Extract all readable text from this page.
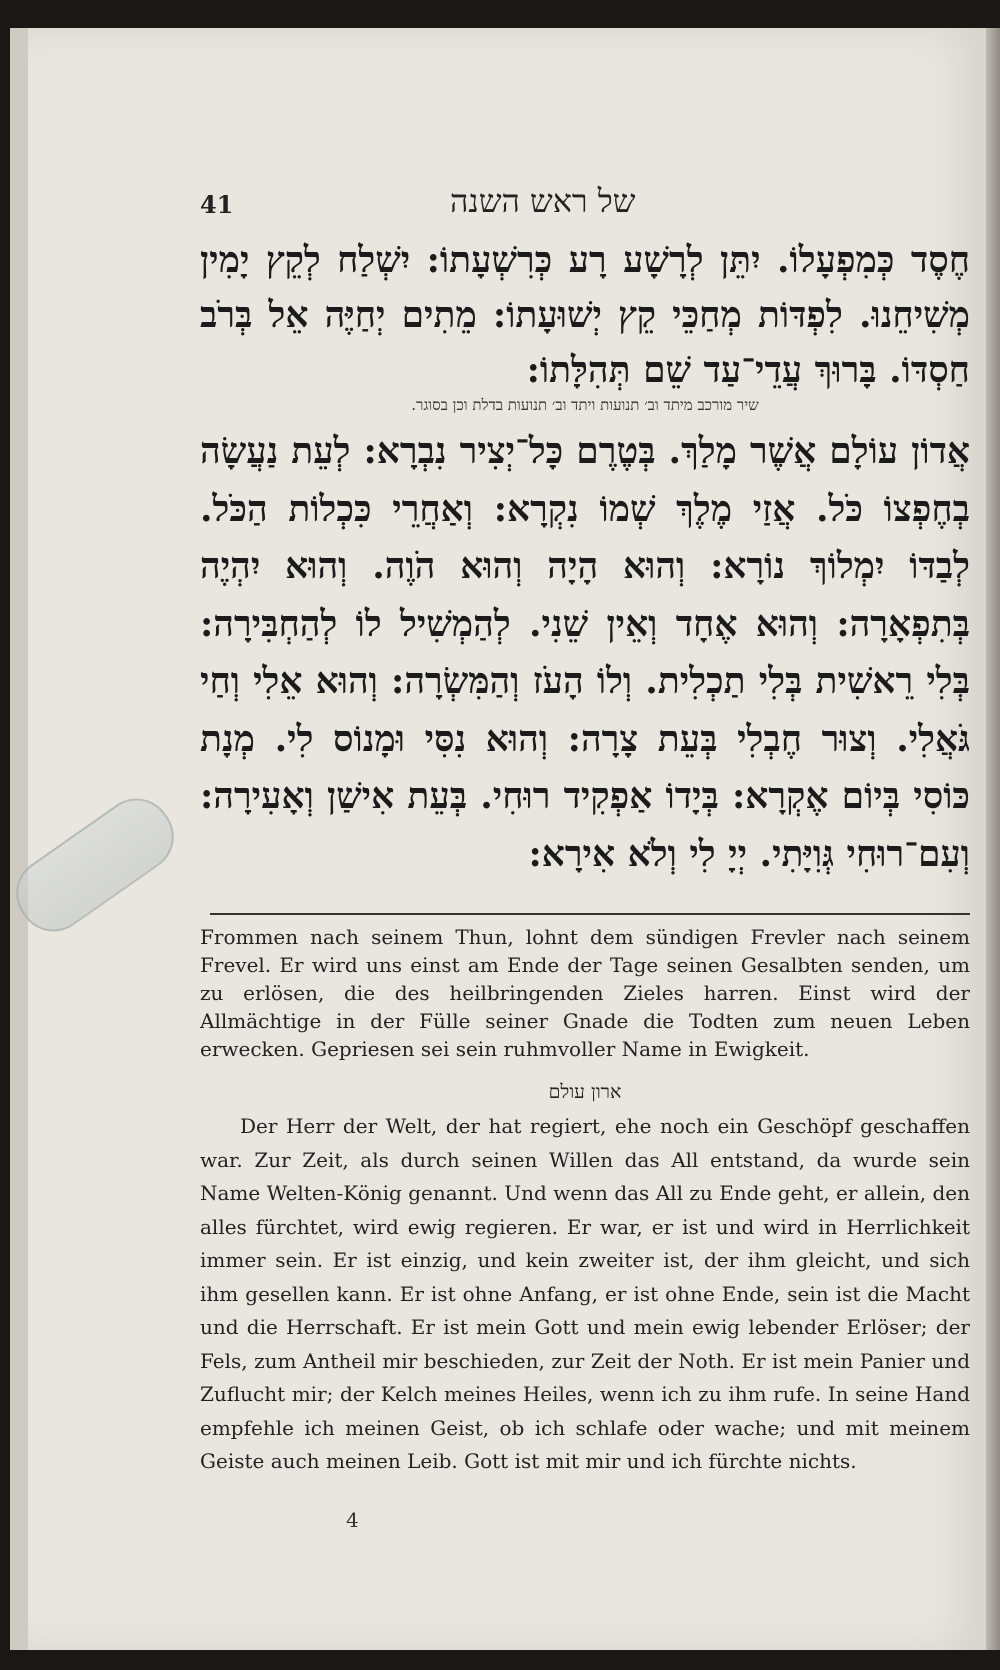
41	של ראש השנה
חֶסֶד כְּמִפְעָלוֹ. יִתֵּן לְרָשָׁע רָע כְּרִשְׁעָתוֹ: יִשְׁלַח לְקֵץ יָמִין מְשִׁיחֵנוּ. לִפְדּוֹת מְחַכֵּי קֵץ יְשׁוּעָתוֹ: מֵתִים יְחַיֶּה אֵל בְּרֹב חַסְדּוֹ. בָּרוּךְ עֲדֵי־עַד שֵׁם תְּהִלָּתוֹ:
שיר מורכב מיתד וב׳ תנועות ויתד וב׳ תנועות בדלת וכן בסוגר.
אֲדוֹן עוֹלָם אֲשֶׁר מָלַךְ. בְּטֶרֶם כָּל־יְצִיר נִבְרָא: לְעֵת נַעֲשָׂה בְחֶפְצוֹ כֹּל. אֲזַי מֶלֶךְ שְׁמוֹ נִקְרָא: וְאַחֲרֵי כִּכְלוֹת הַכֹּל. לְבַדּוֹ יִמְלוֹךְ נוֹרָא: וְהוּא הָיָה וְהוּא הֹוֶה. וְהוּא יִהְיֶה בְּתִפְאָרָה: וְהוּא אֶחָד וְאֵין שֵׁנִי. לְהַמְשִׁיל לוֹ לְהַחְבִּירָה: בְּלִי רֵאשִׁית בְּלִי תַכְלִית. וְלוֹ הָעֹז וְהַמִּשְׂרָה: וְהוּא אֵלִי וְחַי גֹּאֲלִי. וְצוּר חֶבְלִי בְּעֵת צָרָה: וְהוּא נִסִּי וּמָנוֹס לִי. מְנָת כּוֹסִי בְּיוֹם אֶקְרָא: בְּיָדוֹ אַפְקִיד רוּחִי. בְּעֵת אִישַׁן וְאָעִירָה: וְעִם־רוּחִי גְּוִיָּתִי. יְיָ לִי וְלֹא אִירָא:
Frommen nach seinem Thun, lohnt dem sündigen Frevler nach seinem Frevel. Er wird uns einst am Ende der Tage seinen Gesalbten senden, um zu erlösen, die des heilbringenden Zieles harren. Einst wird der Allmächtige in der Fülle seiner Gnade die Todten zum neuen Leben erwecken. Gepriesen sei sein ruhmvoller Name in Ewigkeit.
ארון עולם
Der Herr der Welt, der hat regiert, ehe noch ein Geschöpf geschaffen war. Zur Zeit, als durch seinen Willen das All entstand, da wurde sein Name Welten-König genannt. Und wenn das All zu Ende geht, er allein, den alles fürchtet, wird ewig regieren. Er war, er ist und wird in Herrlichkeit immer sein. Er ist einzig, und kein zweiter ist, der ihm gleicht, und sich ihm gesellen kann. Er ist ohne Anfang, er ist ohne Ende, sein ist die Macht und die Herrschaft. Er ist mein Gott und mein ewig lebender Erlöser; der Fels, zum Antheil mir beschieden, zur Zeit der Noth. Er ist mein Panier und Zuflucht mir; der Kelch meines Heiles, wenn ich zu ihm rufe. In seine Hand empfehle ich meinen Geist, ob ich schlafe oder wache; und mit meinem Geiste auch meinen Leib. Gott ist mit mir und ich fürchte nichts.
4
